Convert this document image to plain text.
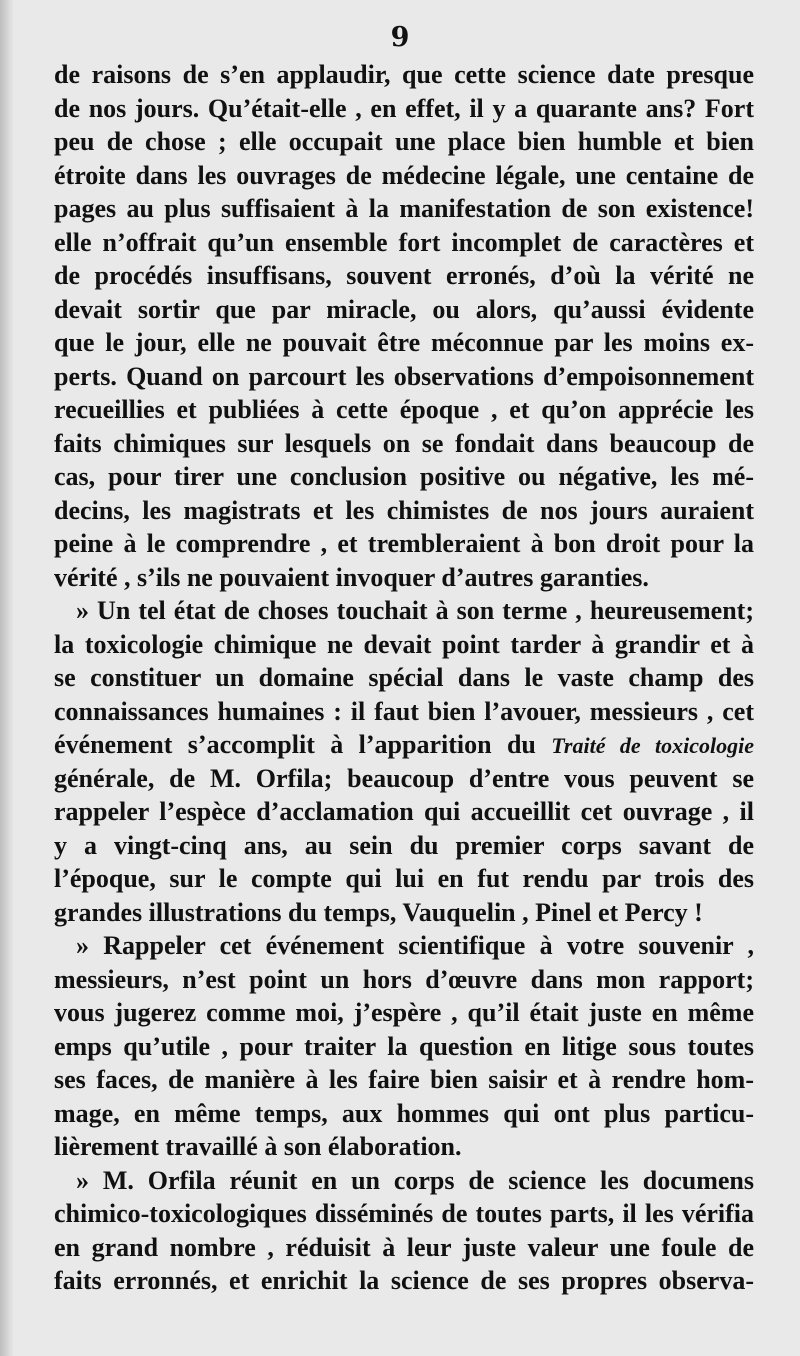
9
de raisons de s’en applaudir, que cette science date presque
de nos jours. Qu’était-elle , en effet, il y a quarante ans? Fort
peu de chose ; elle occupait une place bien humble et bien
étroite dans les ouvrages de médecine légale, une centaine de
pages au plus suffisaient à la manifestation de son existence!
elle n’offrait qu’un ensemble fort incomplet de caractères et
de procédés insuffisans, souvent erronés, d’où la vérité ne
devait sortir que par miracle, ou alors, qu’aussi évidente
que le jour, elle ne pouvait être méconnue par les moins ex-
perts. Quand on parcourt les observations d’empoisonnement
recueillies et publiées à cette époque , et qu’on apprécie les
faits chimiques sur lesquels on se fondait dans beaucoup de
cas, pour tirer une conclusion positive ou négative, les mé-
decins, les magistrats et les chimistes de nos jours auraient
peine à le comprendre , et trembleraient à bon droit pour la
vérité , s’ils ne pouvaient invoquer d’autres garanties.
» Un tel état de choses touchait à son terme , heureusement;
la toxicologie chimique ne devait point tarder à grandir et à
se constituer un domaine spécial dans le vaste champ des
connaissances humaines : il faut bien l’avouer, messieurs , cet
événement s’accomplit à l’apparition du Traité de toxicologie
générale, de M. Orfila; beaucoup d’entre vous peuvent se
rappeler l’espèce d’acclamation qui accueillit cet ouvrage , il
y a vingt-cinq ans, au sein du premier corps savant de
l’époque, sur le compte qui lui en fut rendu par trois des
grandes illustrations du temps, Vauquelin , Pinel et Percy !
» Rappeler cet événement scientifique à votre souvenir ,
messieurs, n’est point un hors d’œuvre dans mon rapport;
vous jugerez comme moi, j’espère , qu’il était juste en même
emps qu’utile , pour traiter la question en litige sous toutes
ses faces, de manière à les faire bien saisir et à rendre hom-
mage, en même temps, aux hommes qui ont plus particu-
lièrement travaillé à son élaboration.
» M. Orfila réunit en un corps de science les documens
chimico-toxicologiques disséminés de toutes parts, il les vérifia
en grand nombre , réduisit à leur juste valeur une foule de
faits erronnés, et enrichit la science de ses propres observa-
